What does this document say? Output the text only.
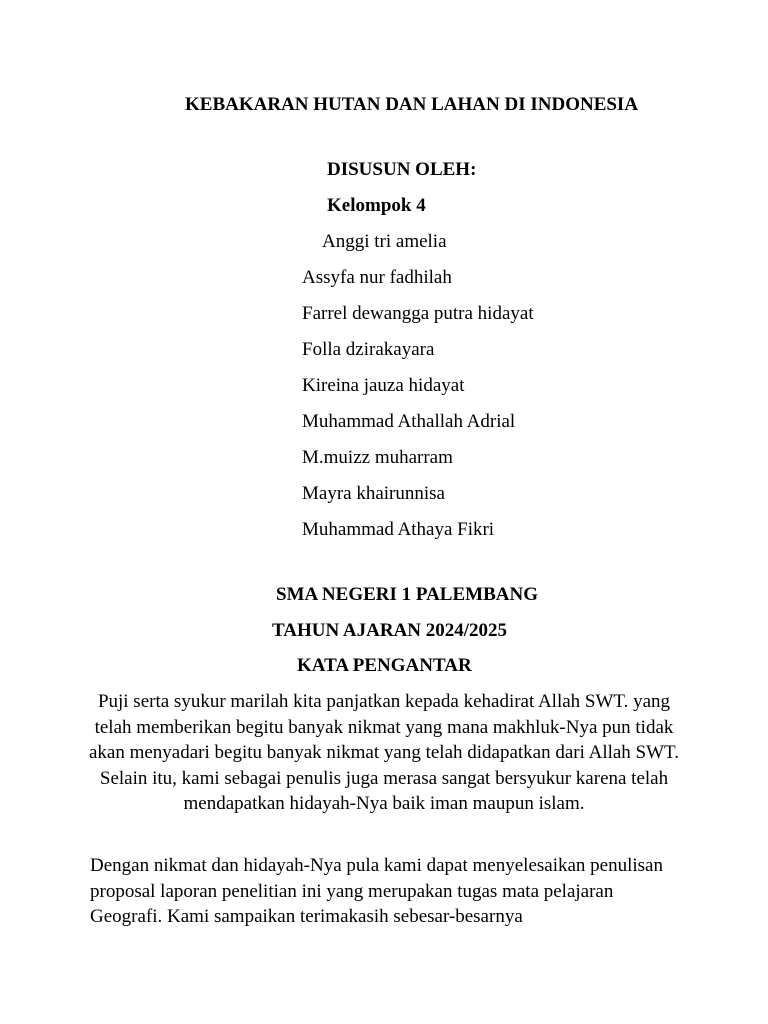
KEBAKARAN HUTAN DAN LAHAN DI INDONESIA
DISUSUN OLEH:
Kelompok 4
Anggi tri amelia
Assyfa nur fadhilah
Farrel dewangga putra hidayat
Folla dzirakayara
Kireina jauza hidayat
Muhammad Athallah Adrial
M.muizz muharram
Mayra khairunnisa
Muhammad Athaya Fikri
SMA NEGERI 1 PALEMBANG
TAHUN AJARAN 2024/2025
KATA PENGANTAR

Puji serta syukur marilah kita panjatkan kepada kehadirat Allah SWT. yang telah memberikan begitu banyak nikmat yang mana makhluk-Nya pun tidak akan menyadari begitu banyak nikmat yang telah didapatkan dari Allah SWT. Selain itu, kami sebagai penulis juga merasa sangat bersyukur karena telah mendapatkan hidayah-Nya baik iman maupun islam.

Dengan nikmat dan hidayah-Nya pula kami dapat menyelesaikan penulisan proposal laporan penelitian ini yang merupakan tugas mata pelajaran Geografi. Kami sampaikan terimakasih sebesar-besarnya
